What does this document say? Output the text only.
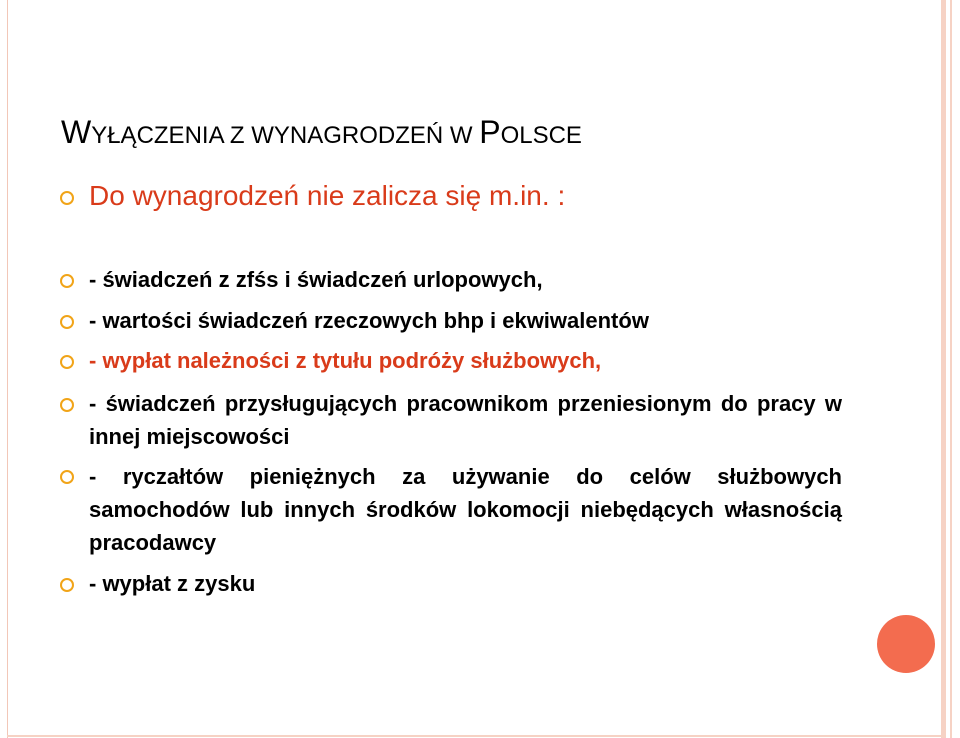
WYŁĄCZENIA Z WYNAGRODZEŃ W POLSCE
Do wynagrodzeń nie zalicza się m.in. :
- świadczeń z zfśs i świadczeń urlopowych,
- wartości świadczeń rzeczowych bhp i ekwiwalentów
- wypłat należności z tytułu podróży służbowych,
- świadczeń przysługujących pracownikom przeniesionym do pracy w innej miejscowości
- ryczałtów pieniężnych za używanie do celów służbowych samochodów lub innych środków lokomocji niebędących własnością pracodawcy
- wypłat z zysku
